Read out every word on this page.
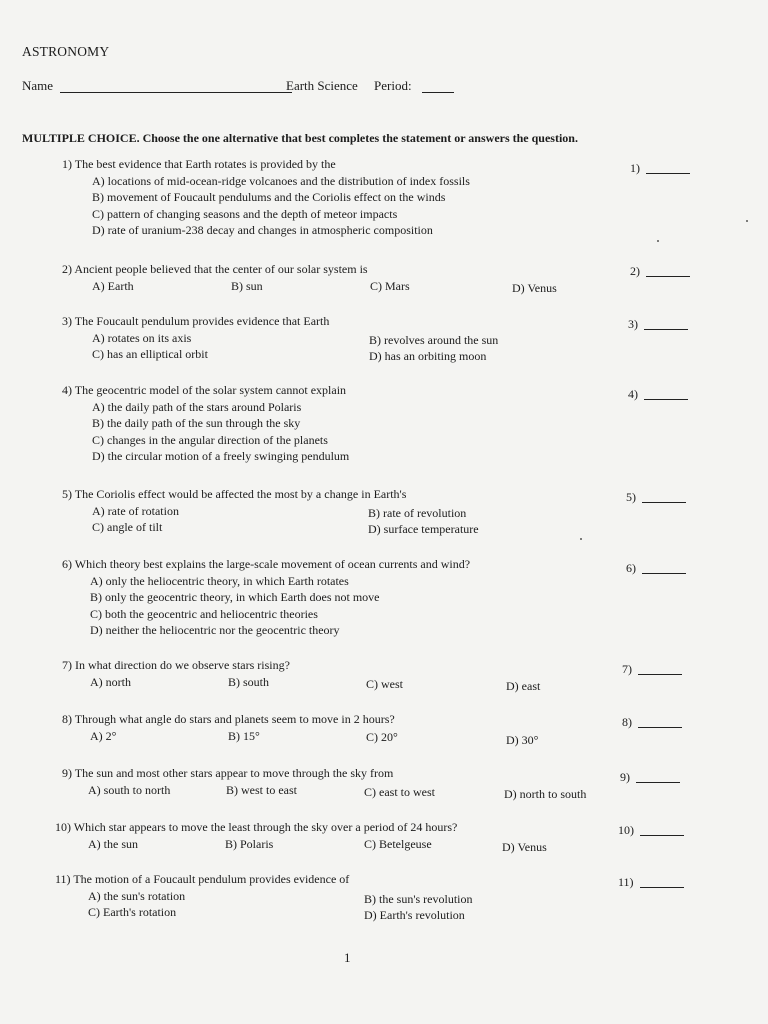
ASTRONOMY
Name	Earth Science Period:
MULTIPLE CHOICE. Choose the one alternative that best completes the statement or answers the question.
1) The best evidence that Earth rotates is provided by the
A) locations of mid-ocean-ridge volcanoes and the distribution of index fossils
B) movement of Foucault pendulums and the Coriolis effect on the winds
C) pattern of changing seasons and the depth of meteor impacts
D) rate of uranium-238 decay and changes in atmospheric composition
1)
2) Ancient people believed that the center of our solar system is
A) Earth	B) sun	C) Mars	D) Venus
2)
3) The Foucault pendulum provides evidence that Earth
A) rotates on its axis	B) revolves around the sun
C) has an elliptical orbit	D) has an orbiting moon
3)
4) The geocentric model of the solar system cannot explain
A) the daily path of the stars around Polaris
B) the daily path of the sun through the sky
C) changes in the angular direction of the planets
D) the circular motion of a freely swinging pendulum
4)
5) The Coriolis effect would be affected the most by a change in Earth's
A) rate of rotation	B) rate of revolution
C) angle of tilt	D) surface temperature
5)
6) Which theory best explains the large-scale movement of ocean currents and wind?
A) only the heliocentric theory, in which Earth rotates
B) only the geocentric theory, in which Earth does not move
C) both the geocentric and heliocentric theories
D) neither the heliocentric nor the geocentric theory
6)
7) In what direction do we observe stars rising?
A) north	B) south	C) west	D) east
7)
8) Through what angle do stars and planets seem to move in 2 hours?
A) 2°	B) 15°	C) 20°	D) 30°
8)
9) The sun and most other stars appear to move through the sky from
A) south to north	B) west to east	C) east to west	D) north to south
9)
10) Which star appears to move the least through the sky over a period of 24 hours?
A) the sun	B) Polaris	C) Betelgeuse	D) Venus
10)
11) The motion of a Foucault pendulum provides evidence of
A) the sun's rotation	B) the sun's revolution
C) Earth's rotation	D) Earth's revolution
11)
1
